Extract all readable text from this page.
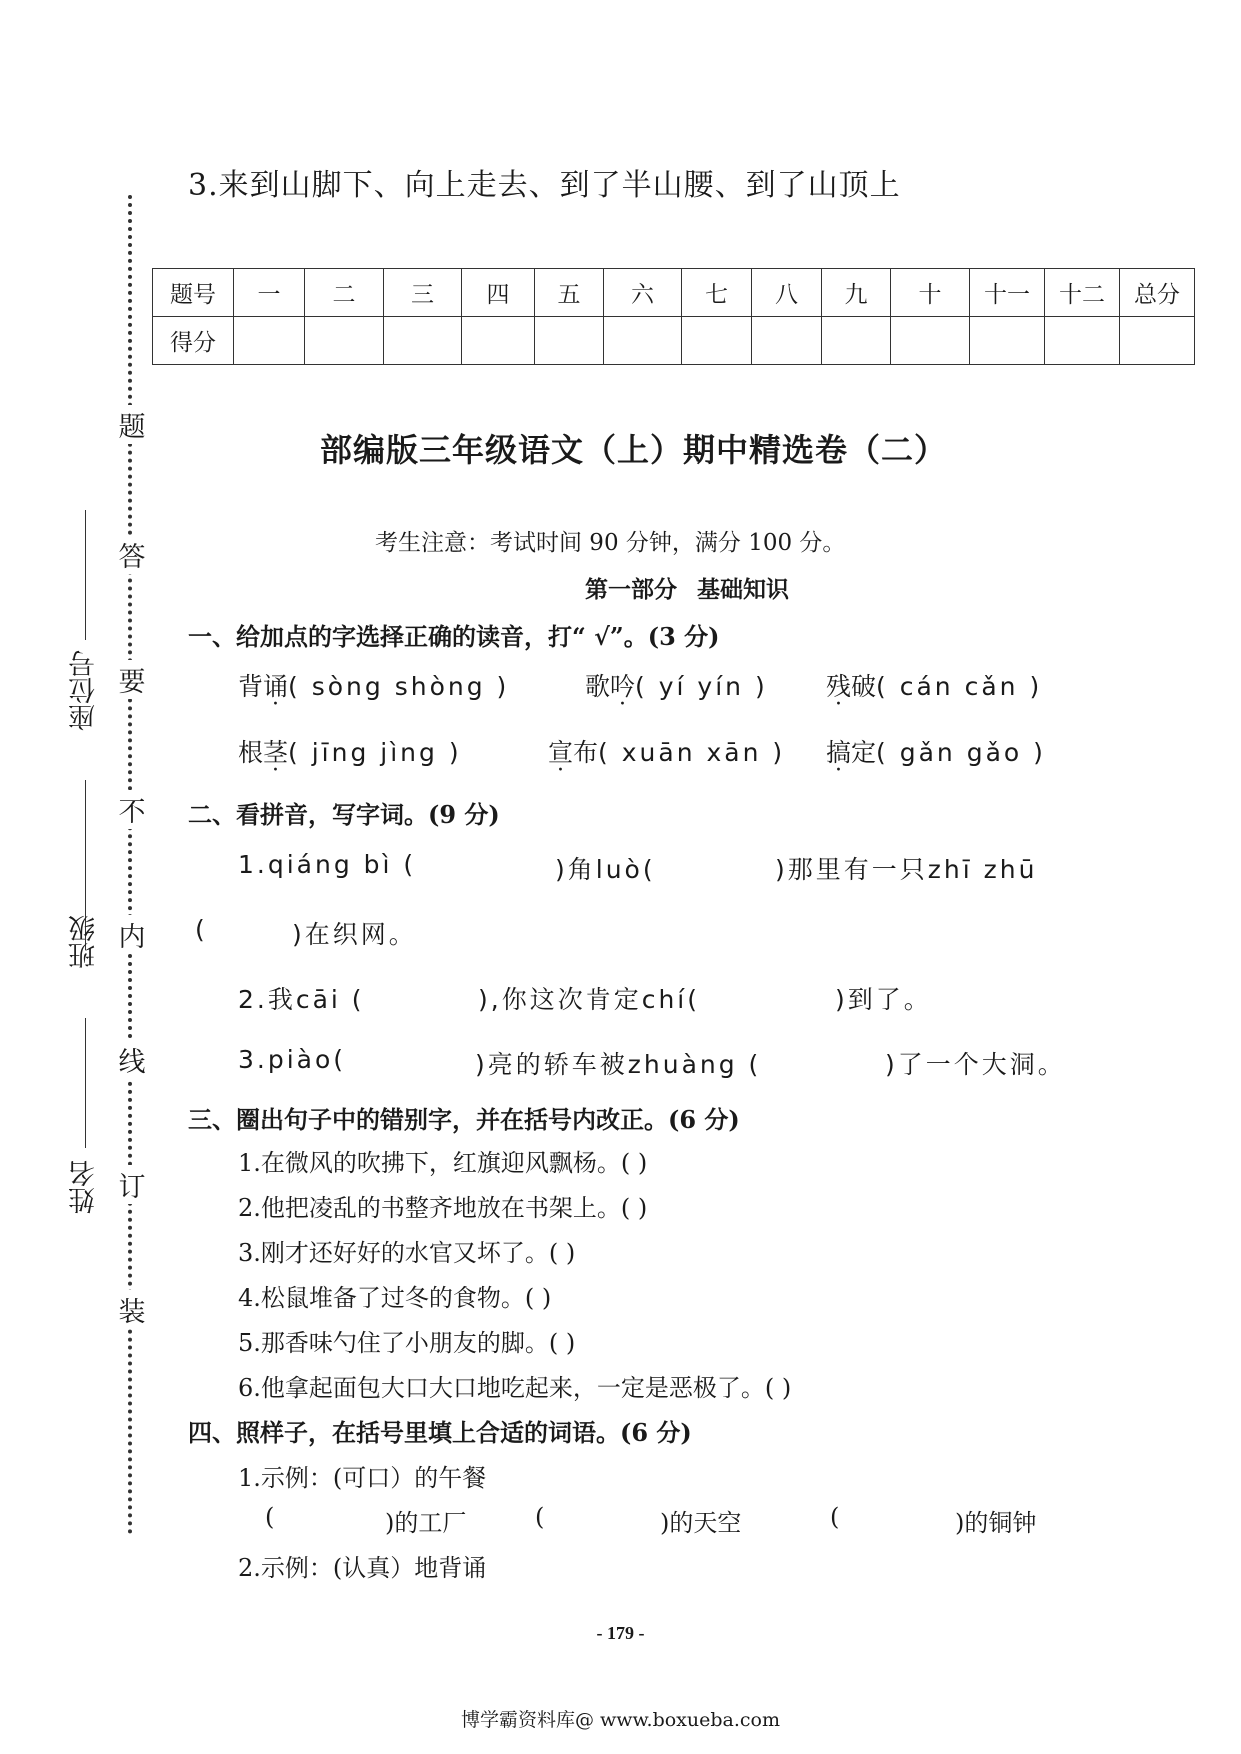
题
答
要
不
内
线
订
装
座位号
班级
姓名
3.来到山脚下、向上走去、到了半山腰、到了山顶上
题号	一	二	三	四	五	六	七	八	九	十	十一	十二	总分
得分													
部编版三年级语文（上）期中精选卷（二）
考生注意：考试时间 90 分钟，满分 100 分。
第一部分 基础知识
一、给加点的字选择正确的读音，打“ √”。(3 分)
背诵( sòng shòng )	歌吟( yí yín ) 残破( cán cǎn )
根茎( jīng jìng )	宣布( xuān xān ) 搞定( gǎn gǎo )
二、看拼音，写字词。(9 分)
1.qiáng bì (	)角luò(	)那里有一只zhī zhū
(	)在织网。
2.我cāi (	),你这次肯定chí(	)到了。
3.piào(	)亮的轿车被zhuàng (	)了一个大洞。
三、圈出句子中的错别字，并在括号内改正。(6 分)
1.在微风的吹拂下，红旗迎风飘杨。( )
2.他把凌乱的书整齐地放在书架上。( )
3.刚才还好好的水官又坏了。( )
4.松鼠堆备了过冬的食物。( )
5.那香味勺住了小朋友的脚。( )
6.他拿起面包大口大口地吃起来，一定是恶极了。( )
四、照样子，在括号里填上合适的词语。(6 分)
1.示例：(可口）的午餐
(	)的工厂	(	)的天空	(	)的铜钟
2.示例：(认真）地背诵
- 179 -
博学霸资料库@ www.boxueba.com
